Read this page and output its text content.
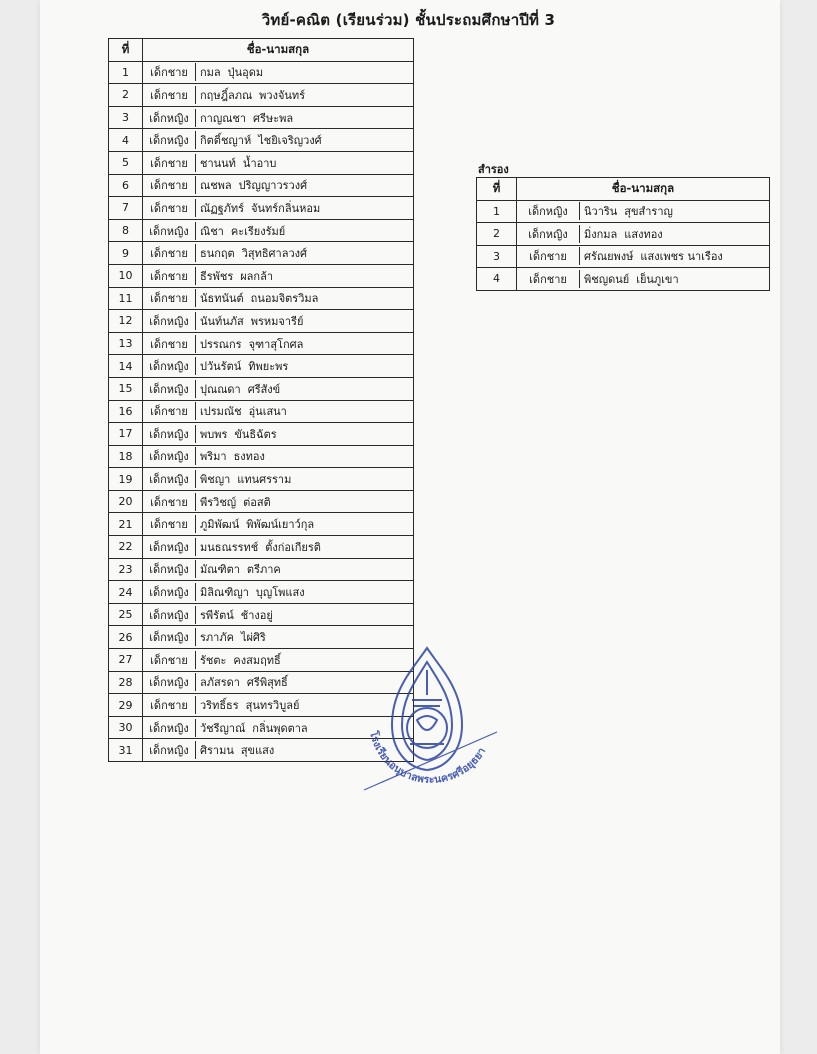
วิทย์-คณิต (เรียนร่วม) ชั้นประถมศึกษาปีที่ 3
ที่	ชื่อ-นามสกุล
1	เด็กชาย กมล  ปุ่นอุดม
2	เด็กชาย กฤษฎิ์ลภณ  พวงจันทร์
3	เด็กหญิง กาญณชา  ศรีษะพล
4	เด็กหญิง กิตติ์ชญาห์  ไชยิเจริญวงศ์
5	เด็กชาย ชานนท์  น้ำอาบ
6	เด็กชาย ณชพล  ปริญญาวรวงศ์
7	เด็กชาย ณัฏฐภัทร์  จันทร์กลิ่นหอม
8	เด็กหญิง ณิชา  คะเรียงรัมย์
9	เด็กชาย ธนกฤต  วิสุทธิศาลวงศ์
10	เด็กชาย ธีรพัชร  ผลกล้า
11	เด็กชาย นัธทนันต์  ถนอมจิตรวิมล
12	เด็กหญิง นันท์นภัส  พรหมจารีย์
13	เด็กชาย ปรรณกร  จุฑาสุโกศล
14	เด็กหญิง ปวันรัตน์  ทิพยะพร
15	เด็กหญิง ปุณณดา  ศรีสังข์
16	เด็กชาย เปรมณัช  อุ่นเสนา
17	เด็กหญิง พบพร  ขันธิฉัตร
18	เด็กหญิง พริมา  ธงทอง
19	เด็กหญิง พิชญา  แทนศรราม
20	เด็กชาย พีรวิชญ์  ต่อสติ
21	เด็กชาย ภูมิพัฒน์  พิพัฒน์เยาว์กุล
22	เด็กหญิง มนธณรรทช์  ตั้งก่อเกียรติ
23	เด็กหญิง มัณฑิตา  ตรีภาค
24	เด็กหญิง มิลิณฑิญา  บุญโพแสง
25	เด็กหญิง รพีรัตน์  ช้างอยู่
26	เด็กหญิง รภาภัค  ไผ่ศิริ
27	เด็กชาย รัชตะ  คงสมฤทธิ์
28	เด็กหญิง ลภัสรดา  ศรีพิสุทธิ์
29	เด็กชาย วริทธิ์ธร  สุนทรวิบูลย์
30	เด็กหญิง วัชรีญาณ์  กลิ่นพุดตาล
31	เด็กหญิง ศิรามน  สุขแสง
สำรอง
ที่	ชื่อ-นามสกุล
1	เด็กหญิง นิวาริน  สุขสำราญ
2	เด็กหญิง มิ่งกมล  แสงทอง
3	เด็กชาย ศรัณยพงษ์  แสงเพชร นาเรือง
4	เด็กชาย พิชญดนย์  เย็นภูเขา
โรงเรียนอนุบาลพระนครศรีอยุธยา
